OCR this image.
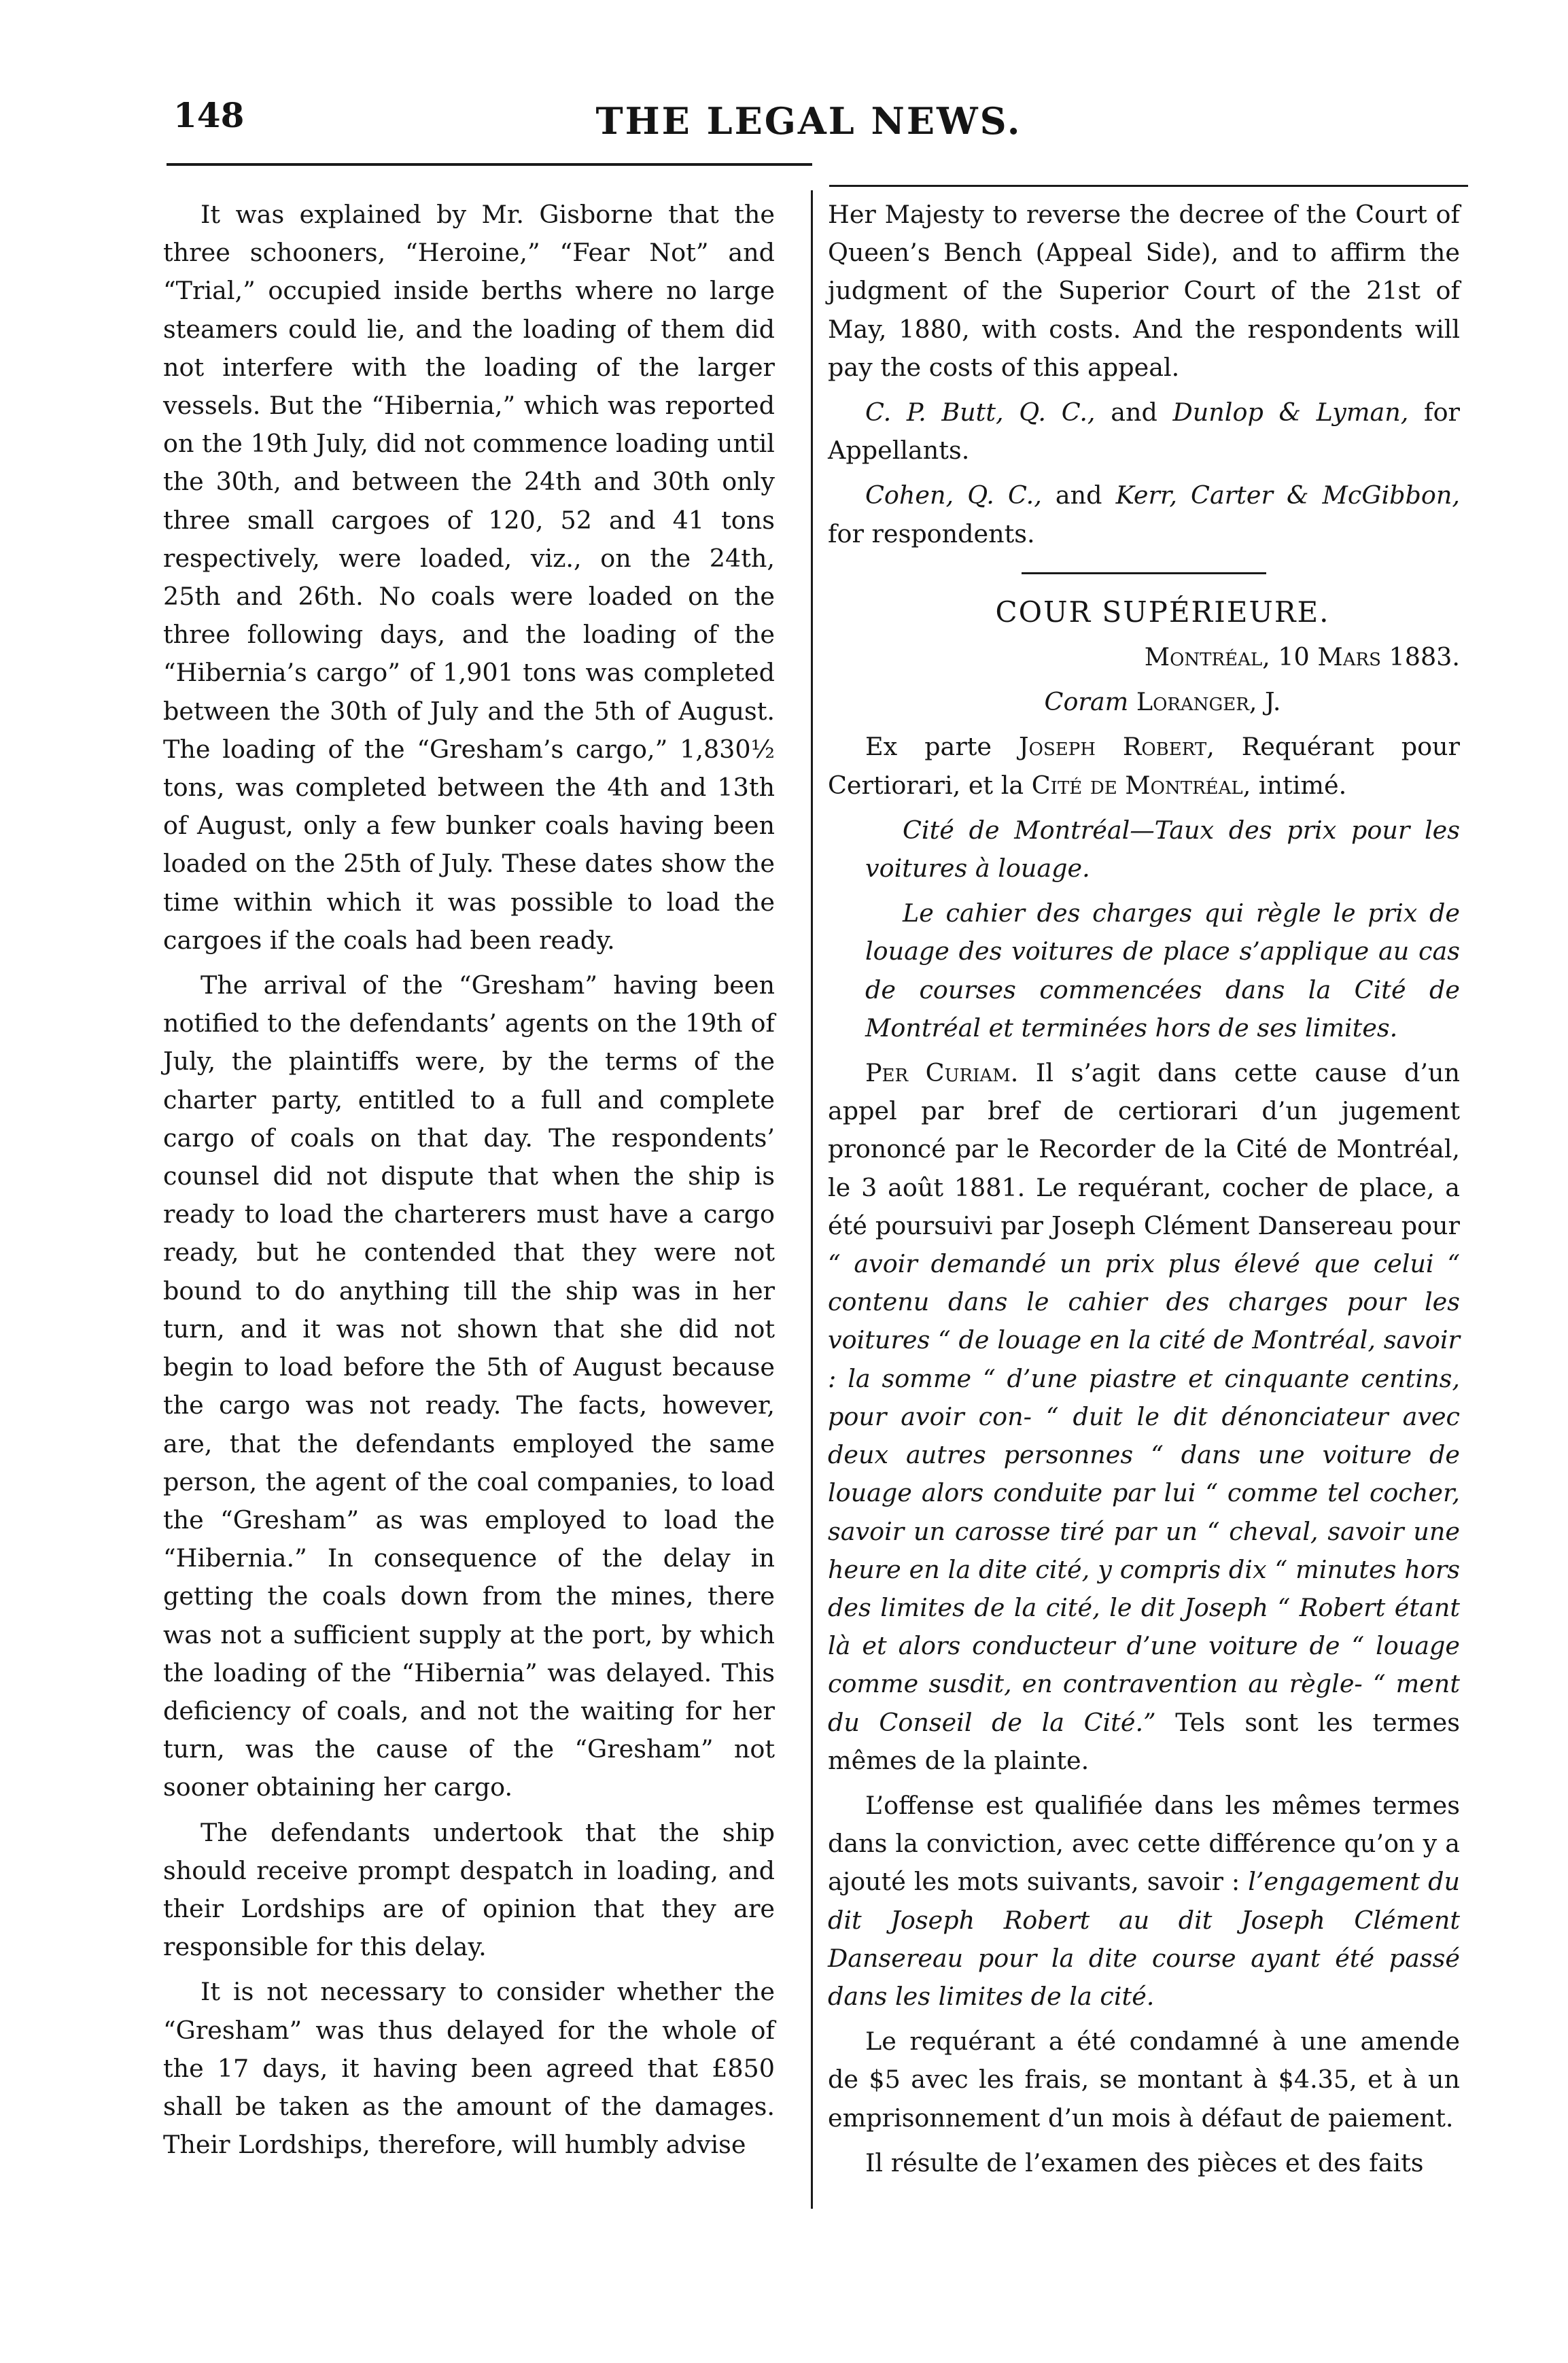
148	THE LEGAL NEWS.

It was explained by Mr. Gisborne that the three schooners, “Heroine,” “Fear Not” and “Trial,” occupied inside berths where no large steamers could lie, and the loading of them did not interfere with the loading of the larger vessels. But the “Hibernia,” which was reported on the 19th July, did not commence loading until the 30th, and between the 24th and 30th only three small cargoes of 120, 52 and 41 tons respectively, were loaded, viz., on the 24th, 25th and 26th. No coals were loaded on the three following days, and the loading of the “Hibernia’s cargo” of 1,901 tons was completed between the 30th of July and the 5th of August. The loading of the “Gresham’s cargo,” 1,830½ tons, was completed between the 4th and 13th of August, only a few bunker coals having been loaded on the 25th of July. These dates show the time within which it was possible to load the cargoes if the coals had been ready.

The arrival of the “Gresham” having been notified to the defendants’ agents on the 19th of July, the plaintiffs were, by the terms of the charter party, entitled to a full and complete cargo of coals on that day. The respondents’ counsel did not dispute that when the ship is ready to load the charterers must have a cargo ready, but he contended that they were not bound to do anything till the ship was in her turn, and it was not shown that she did not begin to load before the 5th of August because the cargo was not ready. The facts, however, are, that the defendants employed the same person, the agent of the coal companies, to load the “Gresham” as was employed to load the “Hibernia.” In consequence of the delay in getting the coals down from the mines, there was not a sufficient supply at the port, by which the loading of the “Hibernia” was delayed. This deficiency of coals, and not the waiting for her turn, was the cause of the “Gresham” not sooner obtaining her cargo.

The defendants undertook that the ship should receive prompt despatch in loading, and their Lordships are of opinion that they are responsible for this delay.

It is not necessary to consider whether the “Gresham” was thus delayed for the whole of the 17 days, it having been agreed that £850 shall be taken as the amount of the damages. Their Lordships, therefore, will humbly advise

Her Majesty to reverse the decree of the Court of Queen’s Bench (Appeal Side), and to affirm the judgment of the Superior Court of the 21st of May, 1880, with costs. And the respondents will pay the costs of this appeal.

C. P. Butt, Q. C., and Dunlop & Lyman, for Appellants.

Cohen, Q. C., and Kerr, Carter & McGibbon, for respondents.

COUR SUPÉRIEURE.

Montréal, 10 Mars 1883.

Coram Loranger, J.

Ex parte Joseph Robert, Requérant pour Certiorari, et la Cité de Montréal, intimé.

Cité de Montréal—Taux des prix pour les voitures à louage.

Le cahier des charges qui règle le prix de louage des voitures de place s’applique au cas de courses commencées dans la Cité de Montréal et terminées hors de ses limites.

Per Curiam. Il s’agit dans cette cause d’un appel par bref de certiorari d’un jugement prononcé par le Recorder de la Cité de Montréal, le 3 août 1881. Le requérant, cocher de place, a été poursuivi par Joseph Clément Dansereau pour “ avoir demandé un prix plus élevé que celui “ contenu dans le cahier des charges pour les voitures “ de louage en la cité de Montréal, savoir : la somme “ d’une piastre et cinquante centins, pour avoir con- “ duit le dit dénonciateur avec deux autres personnes “ dans une voiture de louage alors conduite par lui “ comme tel cocher, savoir un carosse tiré par un “ cheval, savoir une heure en la dite cité, y compris dix “ minutes hors des limites de la cité, le dit Joseph “ Robert étant là et alors conducteur d’une voiture de “ louage comme susdit, en contravention au règle- “ ment du Conseil de la Cité.” Tels sont les termes mêmes de la plainte.

L’offense est qualifiée dans les mêmes termes dans la conviction, avec cette différence qu’on y a ajouté les mots suivants, savoir : l’engagement du dit Joseph Robert au dit Joseph Clément Dansereau pour la dite course ayant été passé dans les limites de la cité.

Le requérant a été condamné à une amende de $5 avec les frais, se montant à $4.35, et à un emprisonnement d’un mois à défaut de paiement.

Il résulte de l’examen des pièces et des faits
